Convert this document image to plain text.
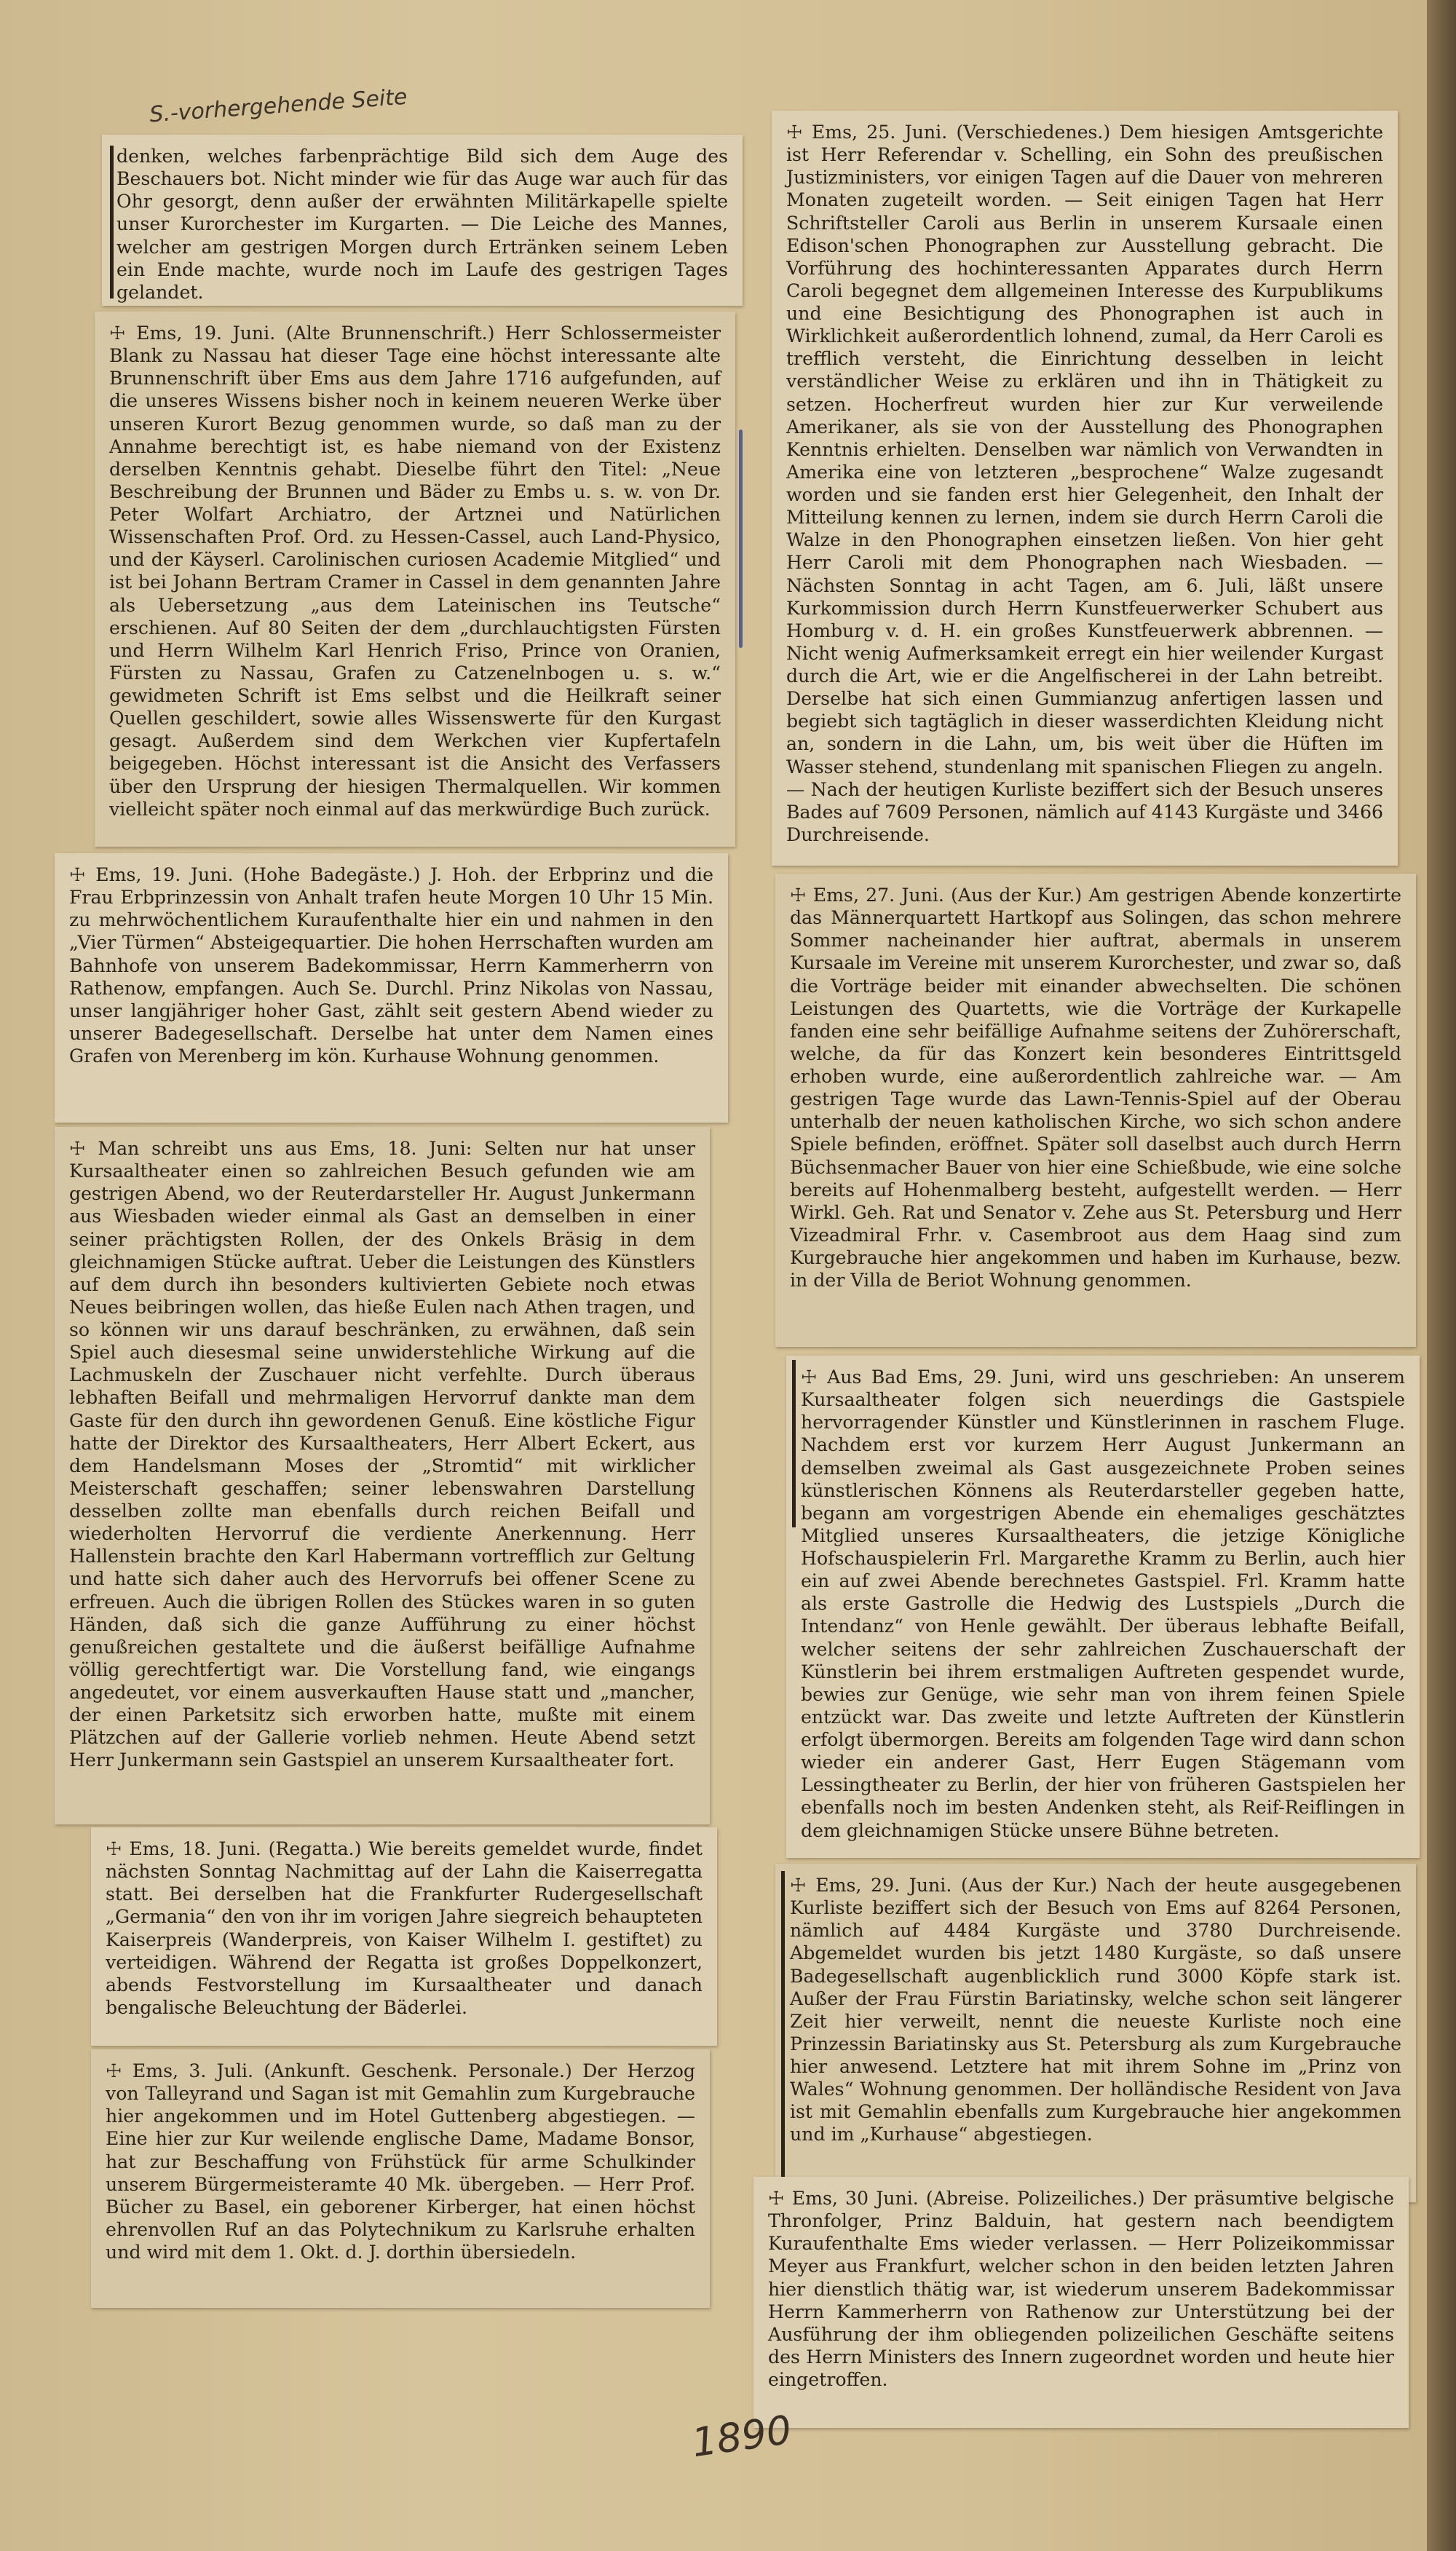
S.-vorhergehende Seite

denken, welches farbenprächtige Bild sich dem Auge des Beschauers bot. Nicht minder wie für das Auge war auch für das Ohr gesorgt, denn außer der erwähnten Militärkapelle spielte unser Kurorchester im Kurgarten. — Die Leiche des Mannes, welcher am gestrigen Morgen durch Ertränken seinem Leben ein Ende machte, wurde noch im Laufe des gestrigen Tages gelandet.

☩ Ems, 19. Juni. (Alte Brunnenschrift.) Herr Schlossermeister Blank zu Nassau hat dieser Tage eine höchst interessante alte Brunnenschrift über Ems aus dem Jahre 1716 aufgefunden, auf die unseres Wissens bisher noch in keinem neueren Werke über unseren Kurort Bezug genommen wurde, so daß man zu der Annahme berechtigt ist, es habe niemand von der Existenz derselben Kenntnis gehabt. Dieselbe führt den Titel: „Neue Beschreibung der Brunnen und Bäder zu Embs u. s. w. von Dr. Peter Wolfart Archiatro, der Artznei und Natürlichen Wissenschaften Prof. Ord. zu Hessen-Cassel, auch Land-Physico, und der Käyserl. Carolinischen curiosen Academie Mitglied“ und ist bei Johann Bertram Cramer in Cassel in dem genannten Jahre als Uebersetzung „aus dem Lateinischen ins Teutsche“ erschienen. Auf 80 Seiten der dem „durchlauchtigsten Fürsten und Herrn Wilhelm Karl Henrich Friso, Prince von Oranien, Fürsten zu Nassau, Grafen zu Catzenelnbogen u. s. w.“ gewidmeten Schrift ist Ems selbst und die Heilkraft seiner Quellen geschildert, sowie alles Wissenswerte für den Kurgast gesagt. Außerdem sind dem Werkchen vier Kupfertafeln beigegeben. Höchst interessant ist die Ansicht des Verfassers über den Ursprung der hiesigen Thermalquellen. Wir kommen vielleicht später noch einmal auf das merkwürdige Buch zurück.

☩ Ems, 19. Juni. (Hohe Badegäste.) J. Hoh. der Erbprinz und die Frau Erbprinzessin von Anhalt trafen heute Morgen 10 Uhr 15 Min. zu mehrwöchentlichem Kuraufenthalte hier ein und nahmen in den „Vier Türmen“ Absteigequartier. Die hohen Herrschaften wurden am Bahnhofe von unserem Badekommissar, Herrn Kammerherrn von Rathenow, empfangen. Auch Se. Durchl. Prinz Nikolas von Nassau, unser langjähriger hoher Gast, zählt seit gestern Abend wieder zu unserer Badegesellschaft. Derselbe hat unter dem Namen eines Grafen von Merenberg im kön. Kurhause Wohnung genommen.

☩ Man schreibt uns aus Ems, 18. Juni: Selten nur hat unser Kursaaltheater einen so zahlreichen Besuch gefunden wie am gestrigen Abend, wo der Reuterdarsteller Hr. August Junkermann aus Wiesbaden wieder einmal als Gast an demselben in einer seiner prächtigsten Rollen, der des Onkels Bräsig in dem gleichnamigen Stücke auftrat. Ueber die Leistungen des Künstlers auf dem durch ihn besonders kultivierten Gebiete noch etwas Neues beibringen wollen, das hieße Eulen nach Athen tragen, und so können wir uns darauf beschränken, zu erwähnen, daß sein Spiel auch diesesmal seine unwiderstehliche Wirkung auf die Lachmuskeln der Zuschauer nicht verfehlte. Durch überaus lebhaften Beifall und mehrmaligen Hervorruf dankte man dem Gaste für den durch ihn gewordenen Genuß. Eine köstliche Figur hatte der Direktor des Kursaaltheaters, Herr Albert Eckert, aus dem Handelsmann Moses der „Stromtid“ mit wirklicher Meisterschaft geschaffen; seiner lebenswahren Darstellung desselben zollte man ebenfalls durch reichen Beifall und wiederholten Hervorruf die verdiente Anerkennung. Herr Hallenstein brachte den Karl Habermann vortrefflich zur Geltung und hatte sich daher auch des Hervorrufs bei offener Scene zu erfreuen. Auch die übrigen Rollen des Stückes waren in so guten Händen, daß sich die ganze Aufführung zu einer höchst genußreichen gestaltete und die äußerst beifällige Aufnahme völlig gerechtfertigt war. Die Vorstellung fand, wie eingangs angedeutet, vor einem ausverkauften Hause statt und „mancher, der einen Parketsitz sich erworben hatte, mußte mit einem Plätzchen auf der Gallerie vorlieb nehmen. Heute Abend setzt Herr Junkermann sein Gastspiel an unserem Kursaaltheater fort.

☩ Ems, 18. Juni. (Regatta.) Wie bereits gemeldet wurde, findet nächsten Sonntag Nachmittag auf der Lahn die Kaiserregatta statt. Bei derselben hat die Frankfurter Rudergesellschaft „Germania“ den von ihr im vorigen Jahre siegreich behaupteten Kaiserpreis (Wanderpreis, von Kaiser Wilhelm I. gestiftet) zu verteidigen. Während der Regatta ist großes Doppelkonzert, abends Festvorstellung im Kursaaltheater und danach bengalische Beleuchtung der Bäderlei.

☩ Ems, 3. Juli. (Ankunft. Geschenk. Personale.) Der Herzog von Talleyrand und Sagan ist mit Gemahlin zum Kurgebrauche hier angekommen und im Hotel Guttenberg abgestiegen. — Eine hier zur Kur weilende englische Dame, Madame Bonsor, hat zur Beschaffung von Frühstück für arme Schulkinder unserem Bürgermeisteramte 40 Mk. übergeben. — Herr Prof. Bücher zu Basel, ein geborener Kirberger, hat einen höchst ehrenvollen Ruf an das Polytechnikum zu Karlsruhe erhalten und wird mit dem 1. Okt. d. J. dorthin übersiedeln.

☩ Ems, 25. Juni. (Verschiedenes.) Dem hiesigen Amtsgerichte ist Herr Referendar v. Schelling, ein Sohn des preußischen Justizministers, vor einigen Tagen auf die Dauer von mehreren Monaten zugeteilt worden. — Seit einigen Tagen hat Herr Schriftsteller Caroli aus Berlin in unserem Kursaale einen Edison'schen Phonographen zur Ausstellung gebracht. Die Vorführung des hochinteressanten Apparates durch Herrn Caroli begegnet dem allgemeinen Interesse des Kurpublikums und eine Besichtigung des Phonographen ist auch in Wirklichkeit außerordentlich lohnend, zumal, da Herr Caroli es trefflich versteht, die Einrichtung desselben in leicht verständlicher Weise zu erklären und ihn in Thätigkeit zu setzen. Hocherfreut wurden hier zur Kur verweilende Amerikaner, als sie von der Ausstellung des Phonographen Kenntnis erhielten. Denselben war nämlich von Verwandten in Amerika eine von letzteren „besprochene“ Walze zugesandt worden und sie fanden erst hier Gelegenheit, den Inhalt der Mitteilung kennen zu lernen, indem sie durch Herrn Caroli die Walze in den Phonographen einsetzen ließen. Von hier geht Herr Caroli mit dem Phonographen nach Wiesbaden. — Nächsten Sonntag in acht Tagen, am 6. Juli, läßt unsere Kurkommission durch Herrn Kunstfeuerwerker Schubert aus Homburg v. d. H. ein großes Kunstfeuerwerk abbrennen. — Nicht wenig Aufmerksamkeit erregt ein hier weilender Kurgast durch die Art, wie er die Angelfischerei in der Lahn betreibt. Derselbe hat sich einen Gummianzug anfertigen lassen und begiebt sich tagtäglich in dieser wasserdichten Kleidung nicht an, sondern in die Lahn, um, bis weit über die Hüften im Wasser stehend, stundenlang mit spanischen Fliegen zu angeln. — Nach der heutigen Kurliste beziffert sich der Besuch unseres Bades auf 7609 Personen, nämlich auf 4143 Kurgäste und 3466 Durchreisende.

☩ Ems, 27. Juni. (Aus der Kur.) Am gestrigen Abende konzertirte das Männerquartett Hartkopf aus Solingen, das schon mehrere Sommer nacheinander hier auftrat, abermals in unserem Kursaale im Vereine mit unserem Kurorchester, und zwar so, daß die Vorträge beider mit einander abwechselten. Die schönen Leistungen des Quartetts, wie die Vorträge der Kurkapelle fanden eine sehr beifällige Aufnahme seitens der Zuhörerschaft, welche, da für das Konzert kein besonderes Eintrittsgeld erhoben wurde, eine außerordentlich zahlreiche war. — Am gestrigen Tage wurde das Lawn-Tennis-Spiel auf der Oberau unterhalb der neuen katholischen Kirche, wo sich schon andere Spiele befinden, eröffnet. Später soll daselbst auch durch Herrn Büchsenmacher Bauer von hier eine Schießbude, wie eine solche bereits auf Hohenmalberg besteht, aufgestellt werden. — Herr Wirkl. Geh. Rat und Senator v. Zehe aus St. Petersburg und Herr Vizeadmiral Frhr. v. Casembroot aus dem Haag sind zum Kurgebrauche hier angekommen und haben im Kurhause, bezw. in der Villa de Beriot Wohnung genommen.

☩ Aus Bad Ems, 29. Juni, wird uns geschrieben: An unserem Kursaaltheater folgen sich neuerdings die Gastspiele hervorragender Künstler und Künstlerinnen in raschem Fluge. Nachdem erst vor kurzem Herr August Junkermann an demselben zweimal als Gast ausgezeichnete Proben seines künstlerischen Könnens als Reuterdarsteller gegeben hatte, begann am vorgestrigen Abende ein ehemaliges geschätztes Mitglied unseres Kursaaltheaters, die jetzige Königliche Hofschauspielerin Frl. Margarethe Kramm zu Berlin, auch hier ein auf zwei Abende berechnetes Gastspiel. Frl. Kramm hatte als erste Gastrolle die Hedwig des Lustspiels „Durch die Intendanz“ von Henle gewählt. Der überaus lebhafte Beifall, welcher seitens der sehr zahlreichen Zuschauerschaft der Künstlerin bei ihrem erstmaligen Auftreten gespendet wurde, bewies zur Genüge, wie sehr man von ihrem feinen Spiele entzückt war. Das zweite und letzte Auftreten der Künstlerin erfolgt übermorgen. Bereits am folgenden Tage wird dann schon wieder ein anderer Gast, Herr Eugen Stägemann vom Lessingtheater zu Berlin, der hier von früheren Gastspielen her ebenfalls noch im besten Andenken steht, als Reif-Reiflingen in dem gleichnamigen Stücke unsere Bühne betreten.

☩ Ems, 29. Juni. (Aus der Kur.) Nach der heute ausgegebenen Kurliste beziffert sich der Besuch von Ems auf 8264 Personen, nämlich auf 4484 Kurgäste und 3780 Durchreisende. Abgemeldet wurden bis jetzt 1480 Kurgäste, so daß unsere Badegesellschaft augenblicklich rund 3000 Köpfe stark ist. Außer der Frau Fürstin Bariatinsky, welche schon seit längerer Zeit hier verweilt, nennt die neueste Kurliste noch eine Prinzessin Bariatinsky aus St. Petersburg als zum Kurgebrauche hier anwesend. Letztere hat mit ihrem Sohne im „Prinz von Wales“ Wohnung genommen. Der holländische Resident von Java ist mit Gemahlin ebenfalls zum Kurgebrauche hier angekommen und im „Kurhause“ abgestiegen.

☩ Ems, 30 Juni. (Abreise. Polizeiliches.) Der präsumtive belgische Thronfolger, Prinz Balduin, hat gestern nach beendigtem Kuraufenthalte Ems wieder verlassen. — Herr Polizeikommissar Meyer aus Frankfurt, welcher schon in den beiden letzten Jahren hier dienstlich thätig war, ist wiederum unserem Badekommissar Herrn Kammerherrn von Rathenow zur Unterstützung bei der Ausführung der ihm obliegenden polizeilichen Geschäfte seitens des Herrn Ministers des Innern zugeordnet worden und heute hier eingetroffen.

1890
